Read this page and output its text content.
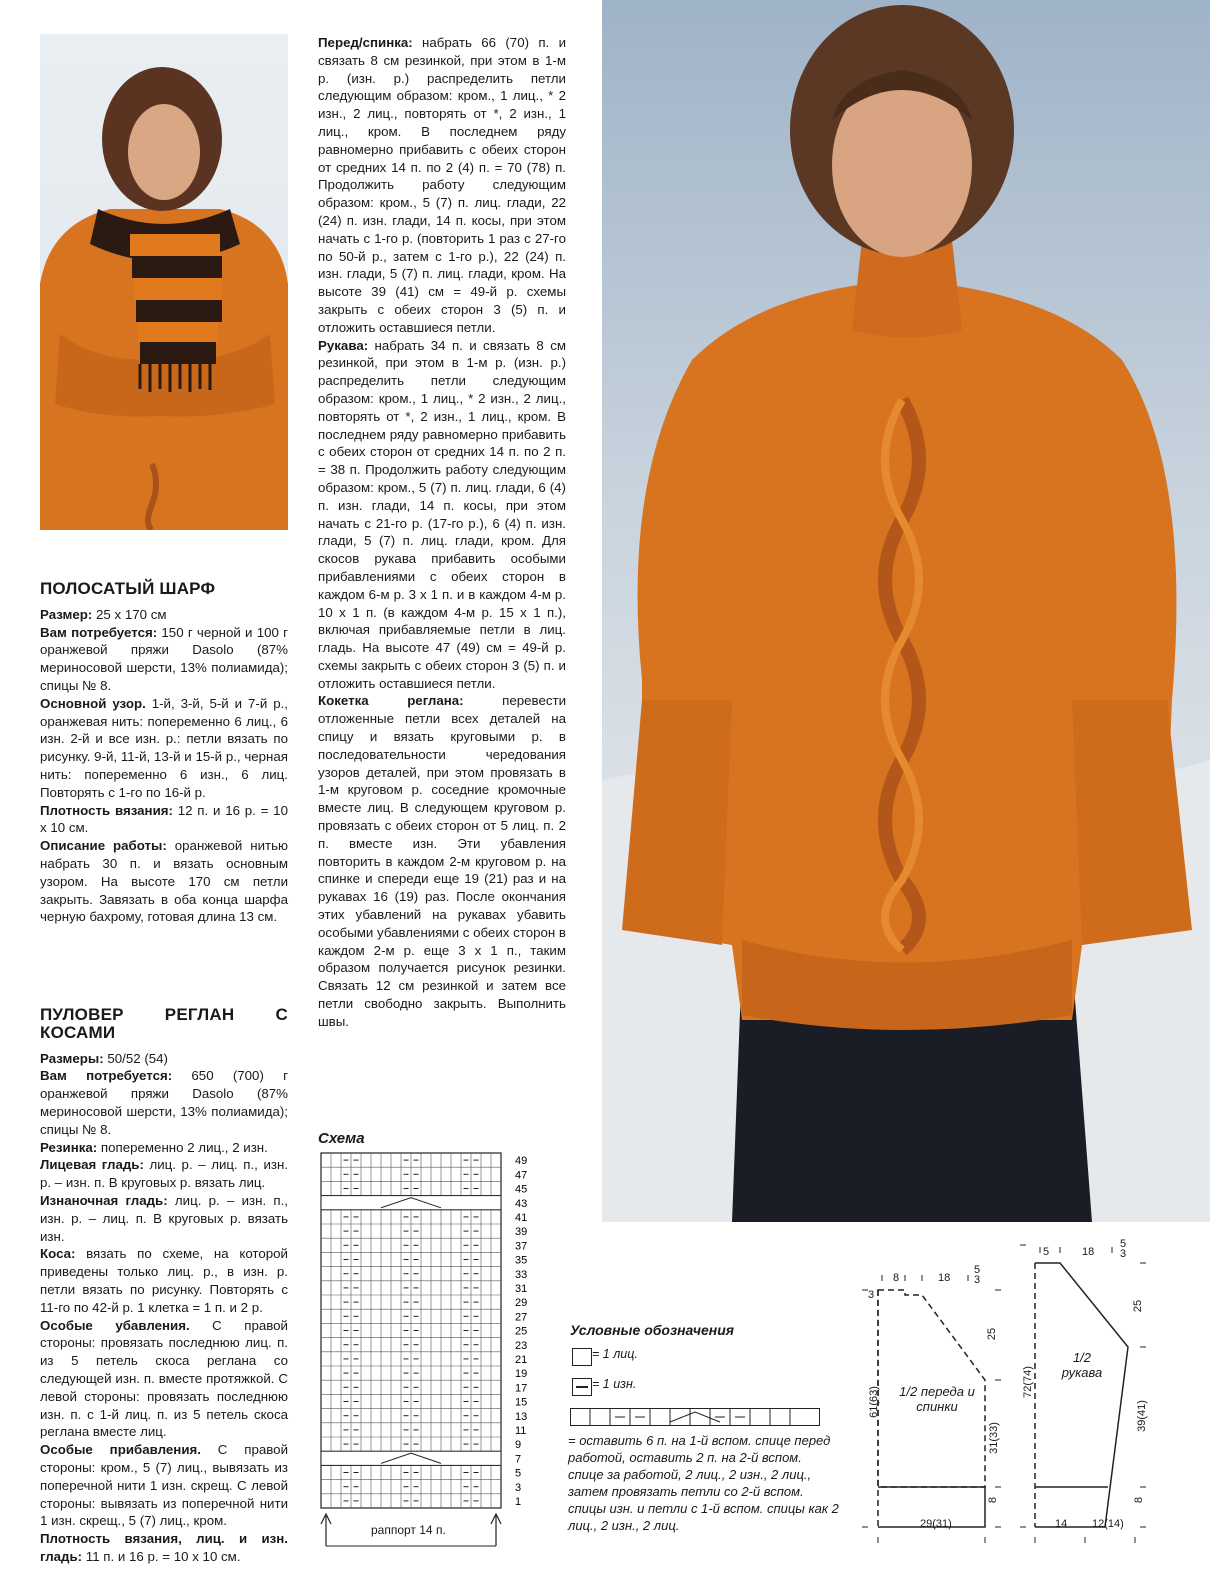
ПОЛОСАТЫЙ ШАРФ

Размер: 25 х 170 см

Вам потребуется: 150 г черной и 100 г оранжевой пряжи Dasolo (87% мериносовой шерсти, 13% полиамида); спицы № 8.

Основной узор. 1-й, 3-й, 5-й и 7-й р., оранжевая нить: попеременно 6 лиц., 6 изн. 2-й и все изн. р.: петли вязать по рисунку. 9-й, 11-й, 13-й и 15-й р., черная нить: попеременно 6 изн., 6 лиц. Повторять с 1-го по 16-й р.

Плотность вязания: 12 п. и 16 р. = 10 х 10 см.

Описание работы: оранжевой нитью набрать 30 п. и вязать основным узором. На высоте 170 см петли закрыть. Завязать в оба конца шарфа черную бахрому, готовая длина 13 см.

ПУЛОВЕР РЕГЛАН С КОСАМИ

Размеры: 50/52 (54)

Вам потребуется: 650 (700) г оранжевой пряжи Dasolo (87% мериносовой шерсти, 13% полиамида); спицы № 8.

Резинка: попеременно 2 лиц., 2 изн.

Лицевая гладь: лиц. р. – лиц. п., изн. р. – изн. п. В круговых р. вязать лиц.

Изнаночная гладь: лиц. р. – изн. п., изн. р. – лиц. п. В круговых р. вязать изн.

Коса: вязать по схеме, на которой приведены только лиц. р., в изн. р. петли вязать по рисунку. Повторять с 11-го по 42-й р. 1 клетка = 1 п. и 2 р.

Особые убавления. С правой стороны: провязать последнюю лиц. п. из 5 петель скоса реглана со следующей изн. п. вместе протяжкой. С левой стороны: провязать последнюю изн. п. с 1-й лиц. п. из 5 петель скоса реглана вместе лиц.

Особые прибавления. С правой стороны: кром., 5 (7) лиц., вывязать из поперечной нити 1 изн. скрещ. С левой стороны: вывязать из поперечной нити 1 изн. скрещ., 5 (7) лиц., кром.

Плотность вязания, лиц. и изн. гладь: 11 п. и 16 р. = 10 х 10 см.

Перед/спинка: набрать 66 (70) п. и связать 8 см резинкой, при этом в 1-м р. (изн. р.) распределить петли следующим образом: кром., 1 лиц., * 2 изн., 2 лиц., повторять от *, 2 изн., 1 лиц., кром. В последнем ряду равномерно прибавить с обеих сторон от средних 14 п. по 2 (4) п. = 70 (78) п. Продолжить работу следующим образом: кром., 5 (7) п. лиц. глади, 22 (24) п. изн. глади, 14 п. косы, при этом начать с 1-го р. (повторить 1 раз с 27-го по 50-й р., затем с 1-го р.), 22 (24) п. изн. глади, 5 (7) п. лиц. глади, кром. На высоте 39 (41) см = 49-й р. схемы закрыть с обеих сторон 3 (5) п. и отложить оставшиеся петли.

Рукава: набрать 34 п. и связать 8 см резинкой, при этом в 1-м р. (изн. р.) распределить петли следующим образом: кром., 1 лиц., * 2 изн., 2 лиц., повторять от *, 2 изн., 1 лиц., кром. В последнем ряду равномерно прибавить с обеих сторон от средних 14 п. по 2 п. = 38 п. Продолжить работу следующим образом: кром., 5 (7) п. лиц. глади, 6 (4) п. изн. глади, 14 п. косы, при этом начать с 21-го р. (17-го р.), 6 (4) п. изн. глади, 5 (7) п. лиц. глади, кром. Для скосов рукава прибавить особыми прибавлениями с обеих сторон в каждом 6-м р. 3 х 1 п. и в каждом 4-м р. 10 х 1 п. (в каждом 4-м р. 15 х 1 п.), включая прибавляемые петли в лиц. гладь. На высоте 47 (49) см = 49-й р. схемы закрыть с обеих сторон 3 (5) п. и отложить оставшиеся петли.

Кокетка реглана: перевести отложенные петли всех деталей на спицу и вязать круговыми р. в последовательности чередования узоров деталей, при этом провязать в 1-м круговом р. соседние кромочные вместе лиц. В следующем круговом р. провязать с обеих сторон от 5 лиц. п. 2 п. вместе изн. Эти убавления повторить в каждом 2-м круговом р. на спинке и спереди еще 19 (21) раз и на рукавах 16 (19) раз. После окончания этих убавлений на рукавах убавить особыми убавлениями с обеих сторон в каждом 2-м р. еще 3 х 1 п., таким образом получается рисунок резинки. Связать 12 см резинкой и затем все петли свободно закрыть. Выполнить швы.

Схема
49
47
45
43
41
39
37
35
33
31
29
27
25
23
21
19
17
15
13
11
9
7
5
3
1
раппорт 14 п.
Условные обозначения
= 1 лиц.
= 1 изн.
= оставить 6 п. на 1-й вспом. спице перед работой, оставить 2 п. на 2-й вспом. спице за работой, 2 лиц., 2 изн., 2 лиц., затем провязать петли со 2-й вспом. спицы изн. и петли с 1-й вспом. спицы как 2 лиц., 2 изн., 2 лиц.
1/2 переда и спинки
1/2 рукава
3
8	18
5
3
25
31(33)
8
61(63)
29(31)
5	18
5
3
25
39(41)
8
72(74)
14 12(14)
